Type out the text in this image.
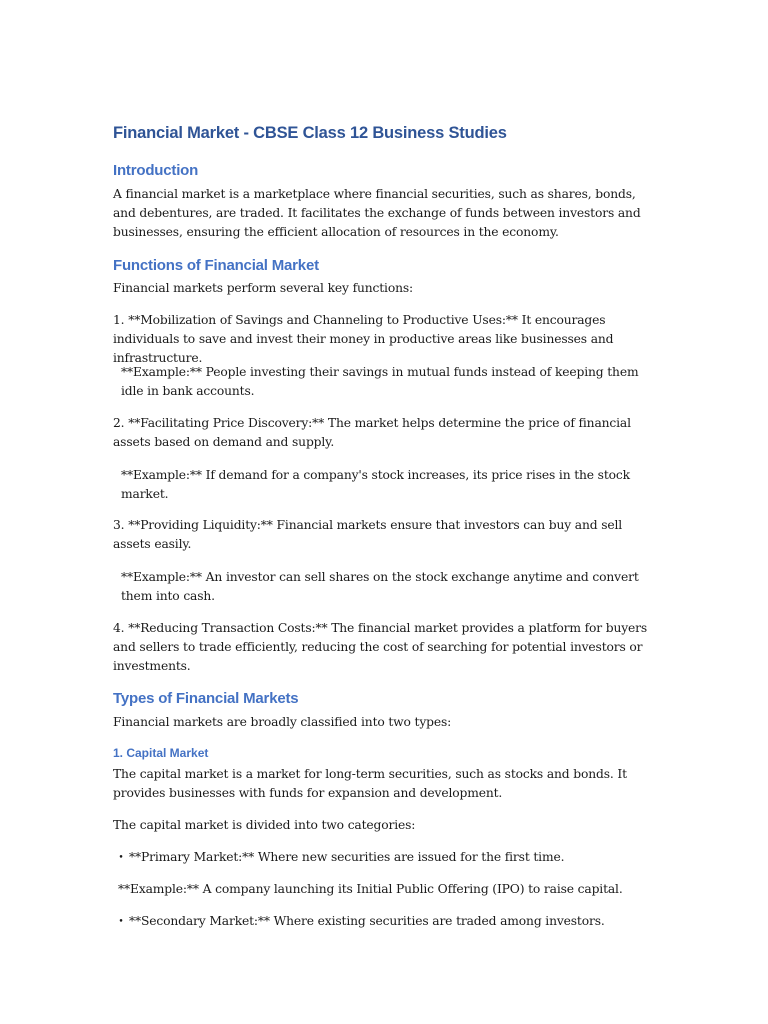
Financial Market - CBSE Class 12 Business Studies
Introduction

A financial market is a marketplace where financial securities, such as shares, bonds, and debentures, are traded. It facilitates the exchange of funds between investors and businesses, ensuring the efficient allocation of resources in the economy.

Functions of Financial Market

Financial markets perform several key functions:

1. **Mobilization of Savings and Channeling to Productive Uses:** It encourages individuals to save and invest their money in productive areas like businesses and infrastructure.

**Example:** People investing their savings in mutual funds instead of keeping them idle in bank accounts.

2. **Facilitating Price Discovery:** The market helps determine the price of financial assets based on demand and supply.

**Example:** If demand for a company's stock increases, its price rises in the stock market.

3. **Providing Liquidity:** Financial markets ensure that investors can buy and sell assets easily.

**Example:** An investor can sell shares on the stock exchange anytime and convert them into cash.

4. **Reducing Transaction Costs:** The financial market provides a platform for buyers and sellers to trade efficiently, reducing the cost of searching for potential investors or investments.

Types of Financial Markets

Financial markets are broadly classified into two types:

1. Capital Market

The capital market is a market for long-term securities, such as stocks and bonds. It provides businesses with funds for expansion and development.

The capital market is divided into two categories:

• **Primary Market:** Where new securities are issued for the first time.

**Example:** A company launching its Initial Public Offering (IPO) to raise capital.

• **Secondary Market:** Where existing securities are traded among investors.
